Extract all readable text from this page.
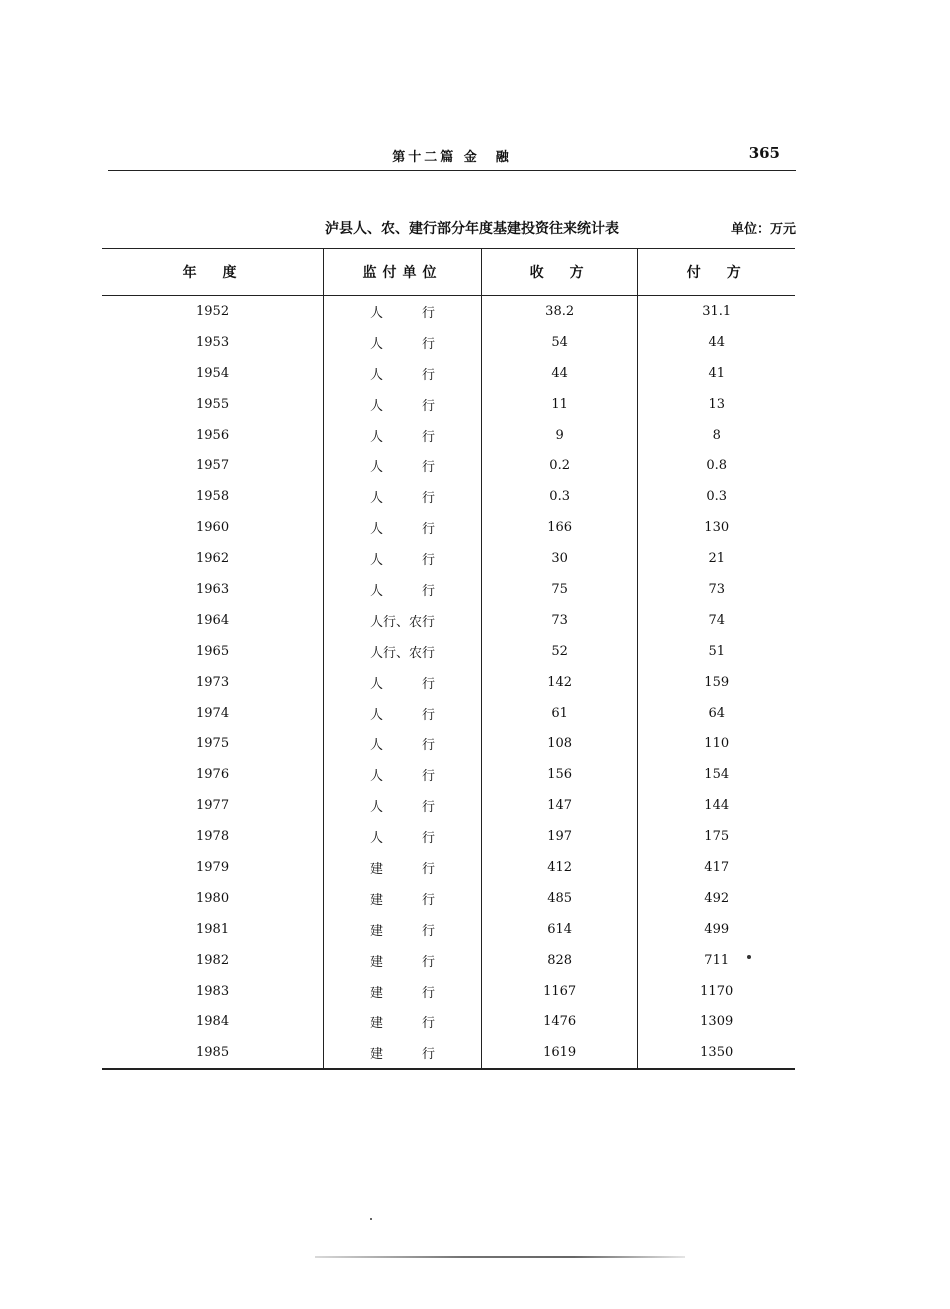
第十二篇 金　融	365
泸县人、农、建行部分年度基建投资往来统计表	单位：万元
年　度	监付单位	收　方	付　方
1952	人　　　行	38.2	31.1
1953	人　　　行	54	44
1954	人　　　行	44	41
1955	人　　　行	11	13
1956	人　　　行	9	8
1957	人　　　行	0.2	0.8
1958	人　　　行	0.3	0.3
1960	人　　　行	166	130
1962	人　　　行	30	21
1963	人　　　行	75	73
1964	人行、农行	73	74
1965	人行、农行	52	51
1973	人　　　行	142	159
1974	人　　　行	61	64
1975	人　　　行	108	110
1976	人　　　行	156	154
1977	人　　　行	147	144
1978	人　　　行	197	175
1979	建　　　行	412	417
1980	建　　　行	485	492
1981	建　　　行	614	499
1982	建　　　行	828	711
1983	建　　　行	1167	1170
1984	建　　　行	1476	1309
1985	建　　　行	1619	1350
